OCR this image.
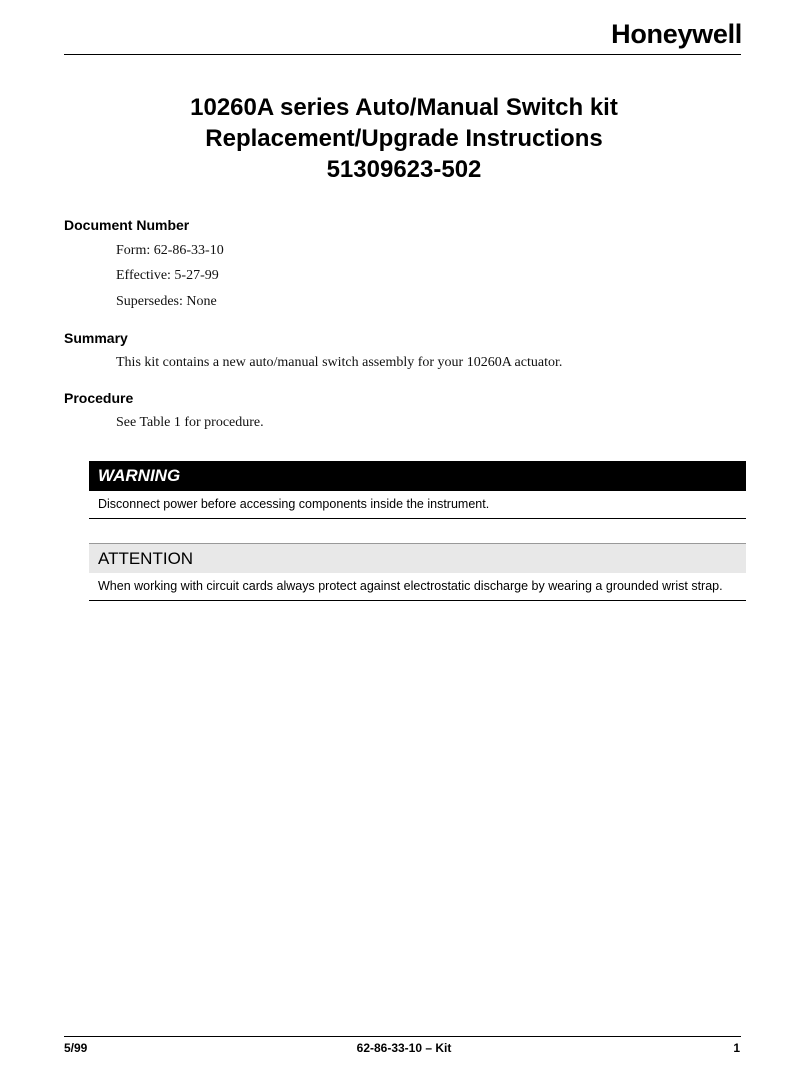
Honeywell
10260A series Auto/Manual Switch kit
Replacement/Upgrade Instructions
51309623-502
Document Number
Form: 62-86-33-10
Effective: 5-27-99
Supersedes: None
Summary
This kit contains a new auto/manual switch assembly for your 10260A actuator.
Procedure
See Table 1 for procedure.
WARNING
Disconnect power before accessing components inside the instrument.
ATTENTION
When working with circuit cards always protect against electrostatic discharge by wearing a grounded wrist strap.
5/99	62-86-33-10 – Kit	1
